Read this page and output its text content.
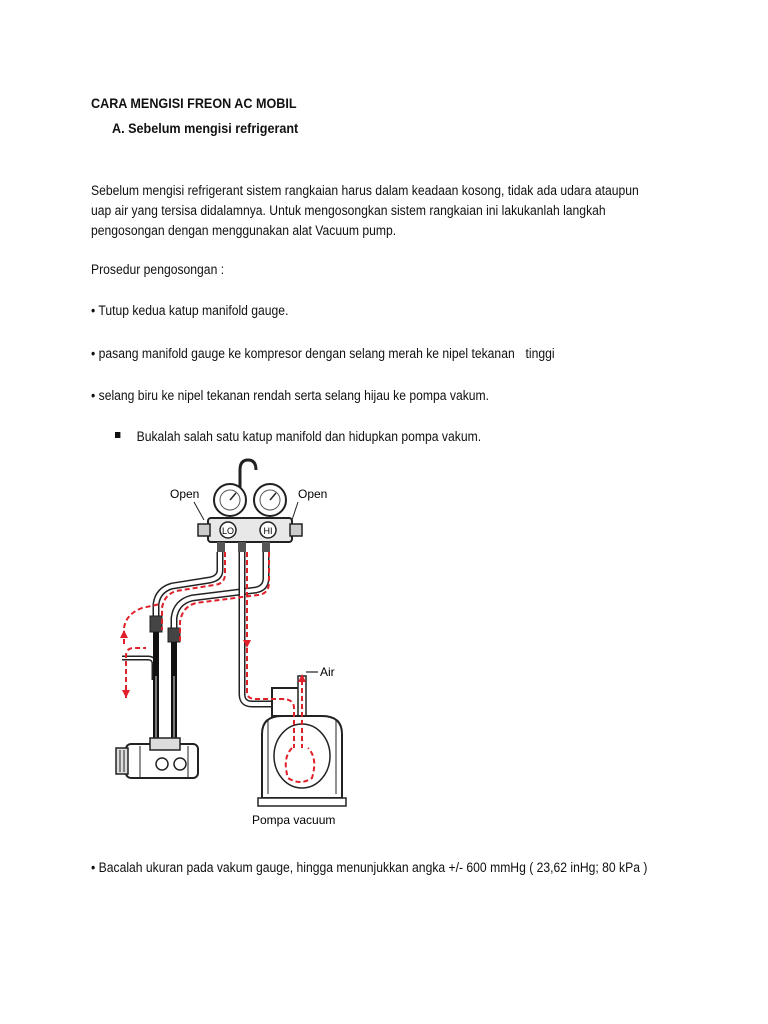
CARA MENGISI FREON AC MOBIL
A. Sebelum mengisi refrigerant
Sebelum mengisi refrigerant sistem rangkaian harus dalam keadaan kosong, tidak ada udara ataupun
uap air yang tersisa didalamnya. Untuk mengosongkan sistem rangkaian ini lakukanlah langkah
pengosongan dengan menggunakan alat Vacuum pump.
Prosedur pengosongan :
• Tutup kedua katup manifold gauge.
• pasang manifold gauge ke kompresor dengan selang merah ke nipel tekanan tinggi
• selang biru ke nipel tekanan rendah serta selang hijau ke pompa vakum.
Bukalah salah satu katup manifold dan hidupkan pompa vakum.
LO	HI
Open	Open
Air
Pompa vacuum
• Bacalah ukuran pada vakum gauge, hingga menunjukkan angka +/- 600 mmHg ( 23,62 inHg; 80 kPa )
